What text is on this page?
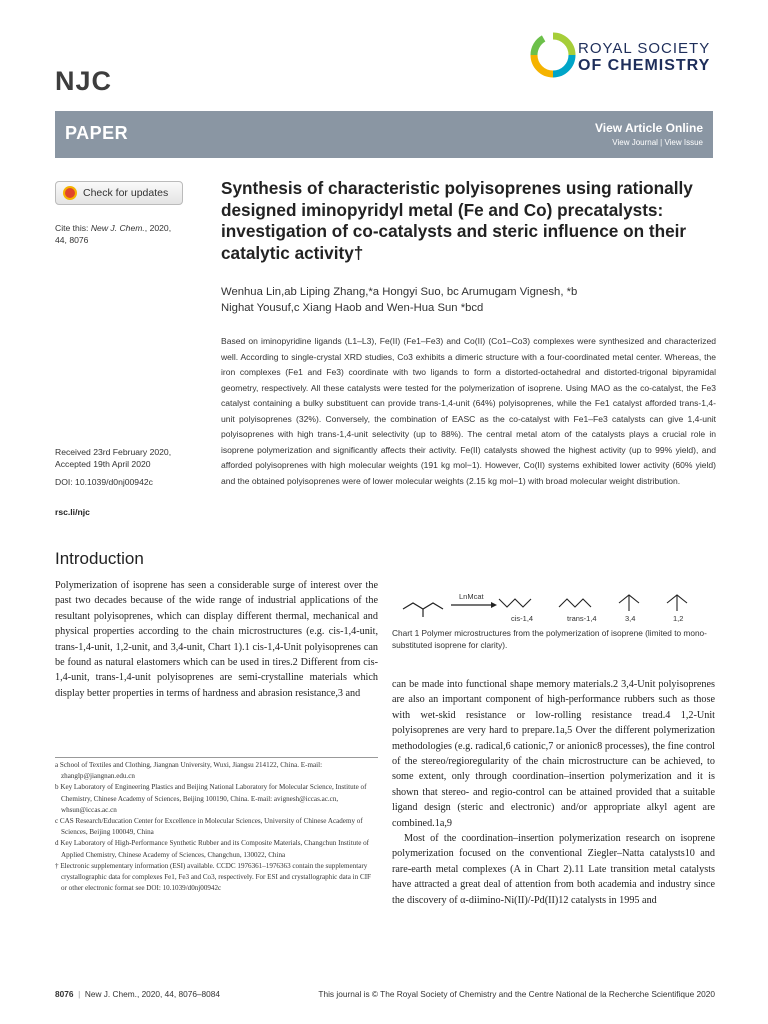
NJC
ROYAL SOCIETY
OF CHEMISTRY
PAPER	View Article Online
View Journal | View Issue
Check for updates
Cite this: New J. Chem., 2020,
44, 8076
Received 23rd February 2020,
Accepted 19th April 2020
DOI: 10.1039/d0nj00942c
rsc.li/njc
Synthesis of characteristic polyisoprenes using rationally designed iminopyridyl metal (Fe and Co) precatalysts: investigation of co-catalysts and steric influence on their catalytic activity†
Wenhua Lin,ab Liping Zhang,*a Hongyi Suo, bc Arumugam Vignesh, *b
Nighat Yousuf,c Xiang Haob and Wen-Hua Sun *bcd
Based on iminopyridine ligands (L1–L3), Fe(II) (Fe1–Fe3) and Co(II) (Co1–Co3) complexes were synthesized and characterized well. According to single-crystal XRD studies, Co3 exhibits a dimeric structure with a four-coordinated metal center. Whereas, the iron complexes (Fe1 and Fe3) coordinate with two ligands to form a distorted-octahedral and distorted-trigonal bipyramidal geometry, respectively. All these catalysts were tested for the polymerization of isoprene. Using MAO as the co-catalyst, the Fe3 catalyst containing a bulky substituent can provide trans-1,4-unit (64%) polyisoprenes, while the Fe1 catalyst afforded trans-1,4-unit polyisoprenes (32%). Conversely, the combination of EASC as the co-catalyst with Fe1–Fe3 catalysts can give 1,4-unit polyisoprenes with high trans-1,4-unit selectivity (up to 88%). The central metal atom of the catalysts plays a crucial role in isoprene polymerization and significantly affects their activity. Fe(II) catalysts showed the highest activity (up to 99% yield), and afforded polyisoprenes with high molecular weights (191 kg mol−1). However, Co(II) systems exhibited lower activity (60% yield) and the obtained polyisoprenes were of lower molecular weights (2.15 kg mol−1) with broad molecular weight distribution.
Introduction
Polymerization of isoprene has seen a considerable surge of interest over the past two decades because of the wide range of industrial applications of the resultant polyisoprenes, which can display different thermal, mechanical and physical properties according to the chain microstructures (e.g. cis-1,4-unit, trans-1,4-unit, 1,2-unit, and 3,4-unit, Chart 1).1 cis-1,4-Unit polyisoprenes can be found as natural elastomers which can be used in tires.2 Different from cis-1,4-unit, trans-1,4-unit polyisoprenes are semi-crystalline materials which display better properties in terms of hardness and abrasion resistance,3 and
a School of Textiles and Clothing, Jiangnan University, Wuxi, Jiangsu 214122, China. E-mail: zhanglp@jiangnan.edu.cn
b Key Laboratory of Engineering Plastics and Beijing National Laboratory for Molecular Science, Institute of Chemistry, Chinese Academy of Sciences, Beijing 100190, China. E-mail: avignesh@iccas.ac.cn, whsun@iccas.ac.cn
c CAS Research/Education Center for Excellence in Molecular Sciences, University of Chinese Academy of Sciences, Beijing 100049, China
d Key Laboratory of High-Performance Synthetic Rubber and its Composite Materials, Changchun Institute of Applied Chemistry, Chinese Academy of Sciences, Changchun, 130022, China
† Electronic supplementary information (ESI) available. CCDC 1976361–1976363 contain the supplementary crystallographic data for complexes Fe1, Fe3 and Co3, respectively. For ESI and crystallographic data in CIF or other electronic format see DOI: 10.1039/d0nj00942c
LnMcat
cis-1,4	trans-1,4	3,4	1,2
Chart 1 Polymer microstructures from the polymerization of isoprene (limited to mono-substituted isoprene for clarity).
can be made into functional shape memory materials.2 3,4-Unit polyisoprenes are also an important component of high-performance rubbers such as those with wet-skid resistance or low-rolling resistance tread.4 1,2-Unit polyisoprenes are very hard to prepare.1a,5 Over the different polymerization methodologies (e.g. radical,6 cationic,7 or anionic8 processes), the fine control of the stereo/regioregularity of the chain microstructure can be achieved, to some extent, only through coordination–insertion polymerization and it is shown that stereo- and regio-control can be attained provided that a suitable ligand design (steric and electronic) and/or appropriate alkyl agent are combined.1a,9
Most of the coordination–insertion polymerization research on isoprene polymerization focused on the conventional Ziegler–Natta catalysts10 and rare-earth metal complexes (A in Chart 2).11 Late transition metal catalysts have attracted a great deal of attention from both academia and industry since the discovery of α-diimino-Ni(II)/-Pd(II)12 catalysts in 1995 and
8076  |  New J. Chem., 2020, 44, 8076–8084	This journal is © The Royal Society of Chemistry and the Centre National de la Recherche Scientifique 2020
